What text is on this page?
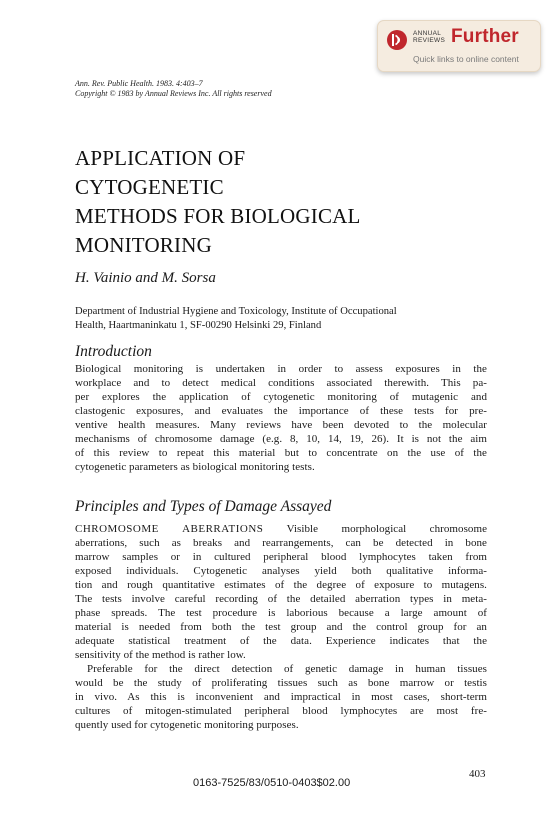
ANNUAL
REVIEWS Further
Quick links to online content
Ann. Rev. Public Health. 1983. 4:403–7
Copyright © 1983 by Annual Reviews Inc. All rights reserved
APPLICATION OF
CYTOGENETIC
METHODS FOR BIOLOGICAL
MONITORING
H. Vainio and M. Sorsa
Department of Industrial Hygiene and Toxicology, Institute of Occupational
Health, Haartmaninkatu 1, SF-00290 Helsinki 29, Finland
Introduction
Biological monitoring is undertaken in order to assess exposures in the
workplace and to detect medical conditions associated therewith. This pa-
per explores the application of cytogenetic monitoring of mutagenic and
clastogenic exposures, and evaluates the importance of these tests for pre-
ventive health measures. Many reviews have been devoted to the molecular
mechanisms of chromosome damage (e.g. 8, 10, 14, 19, 26). It is not the aim
of this review to repeat this material but to concentrate on the use of the
cytogenetic parameters as biological monitoring tests.
Principles and Types of Damage Assayed
CHROMOSOME ABERRATIONS Visible morphological chromosome
aberrations, such as breaks and rearrangements, can be detected in bone
marrow samples or in cultured peripheral blood lymphocytes taken from
exposed individuals. Cytogenetic analyses yield both qualitative informa-
tion and rough quantitative estimates of the degree of exposure to mutagens.
The tests involve careful recording of the detailed aberration types in meta-
phase spreads. The test procedure is laborious because a large amount of
material is needed from both the test group and the control group for an
adequate statistical treatment of the data. Experience indicates that the
sensitivity of the method is rather low.
Preferable for the direct detection of genetic damage in human tissues
would be the study of proliferating tissues such as bone marrow or testis
in vivo. As this is inconvenient and impractical in most cases, short-term
cultures of mitogen-stimulated peripheral blood lymphocytes are most fre-
quently used for cytogenetic monitoring purposes.
0163-7525/83/0510-0403$02.00
403
